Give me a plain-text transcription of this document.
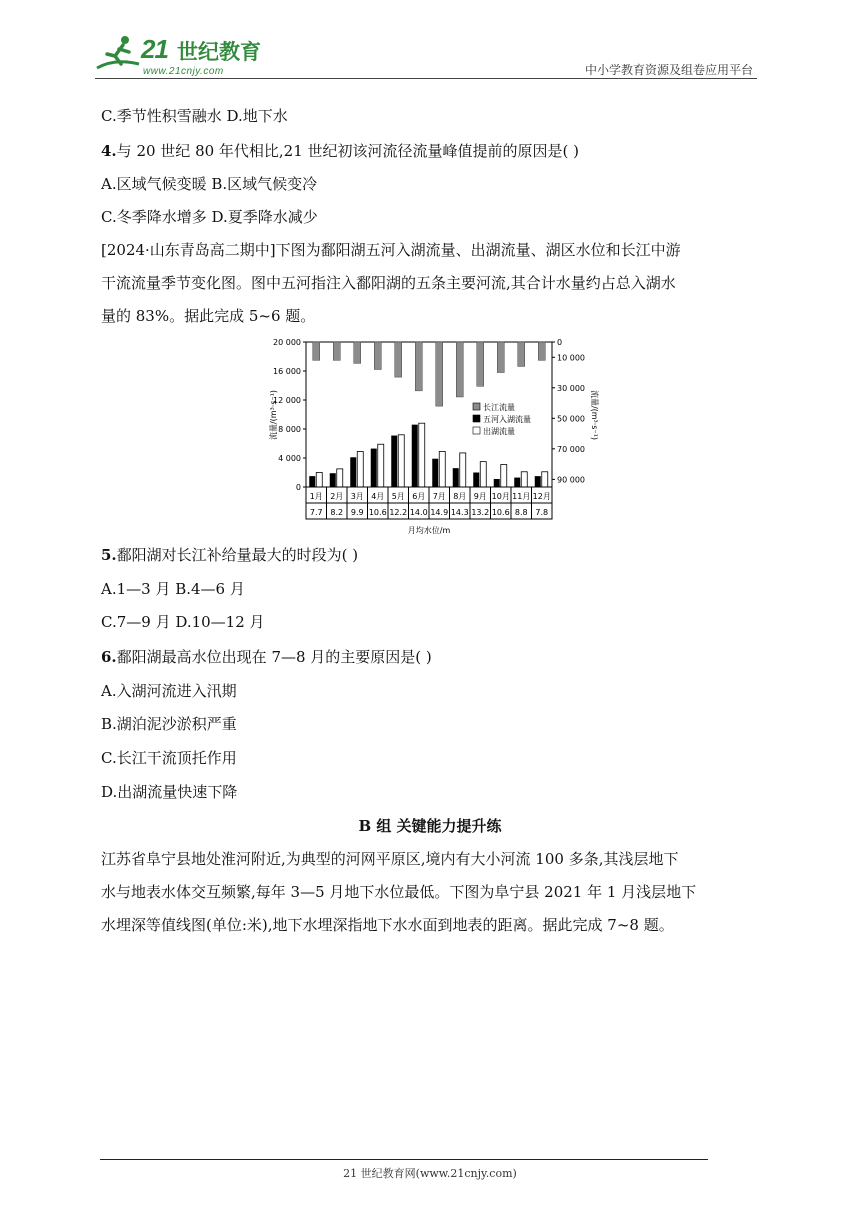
21 世纪教育
www.21cnjy.com	中小学教育资源及组卷应用平台
C.季节性积雪融水 D.地下水
4.与 20 世纪 80 年代相比,21 世纪初该河流径流量峰值提前的原因是( )
A.区域气候变暖 B.区域气候变冷
C.冬季降水增多 D.夏季降水减少
[2024·山东青岛高二期中]下图为鄱阳湖五河入湖流量、出湖流量、湖区水位和长江中游
干流流量季节变化图。图中五河指注入鄱阳湖的五条主要河流,其合计水量约占总入湖水
量的 83%。据此完成 5~6 题。
20 000
16 000
12 000
8 000
4 000
0
0
10 000
30 000
50 000
70 000
90 000
1月 2月 3月 4月 5月 6月 7月 8月 9月 10月 11月 12月
7.7 8.2 9.9 10.6 12.2 14.0 14.9 14.3 13.2 10.6 8.8 7.8
流量/(m³·s⁻¹)	流量/(m³·s⁻¹)
长江流量
五河入湖流量
出湖流量
月均水位/m
5.鄱阳湖对长江补给量最大的时段为( )
A.1—3 月 B.4—6 月
C.7—9 月 D.10—12 月
6.鄱阳湖最高水位出现在 7—8 月的主要原因是( )
A.入湖河流进入汛期
B.湖泊泥沙淤积严重
C.长江干流顶托作用
D.出湖流量快速下降
B 组 关键能力提升练
江苏省阜宁县地处淮河附近,为典型的河网平原区,境内有大小河流 100 多条,其浅层地下
水与地表水体交互频繁,每年 3—5 月地下水位最低。下图为阜宁县 2021 年 1 月浅层地下
水埋深等值线图(单位:米),地下水埋深指地下水水面到地表的距离。据此完成 7~8 题。
21 世纪教育网(www.21cnjy.com)
